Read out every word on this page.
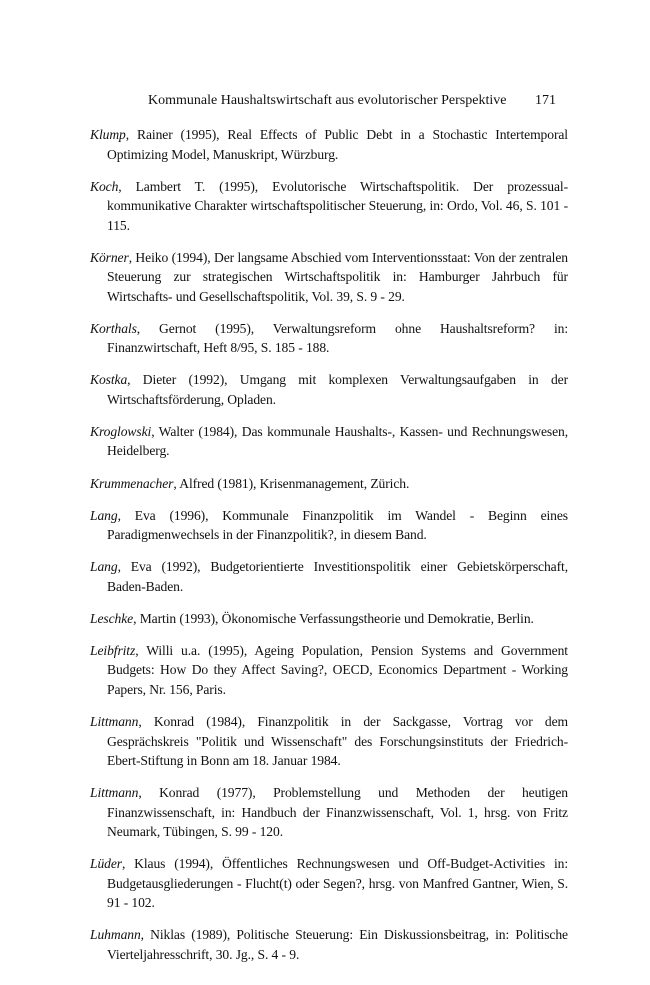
Kommunale Haushaltswirtschaft aus evolutorischer Perspektive 171

Klump, Rainer (1995), Real Effects of Public Debt in a Stochastic Intertemporal Optimizing Model, Manuskript, Würzburg.

Koch, Lambert T. (1995), Evolutorische Wirtschaftspolitik. Der prozessual-kommunikative Charakter wirtschaftspolitischer Steuerung, in: Ordo, Vol. 46, S. 101 - 115.

Körner, Heiko (1994), Der langsame Abschied vom Interventionsstaat: Von der zentralen Steuerung zur strategischen Wirtschaftspolitik in: Hamburger Jahrbuch für Wirtschafts- und Gesellschaftspolitik, Vol. 39, S. 9 - 29.

Korthals, Gernot (1995), Verwaltungsreform ohne Haushaltsreform? in: Finanzwirtschaft, Heft 8/95, S. 185 - 188.

Kostka, Dieter (1992), Umgang mit komplexen Verwaltungsaufgaben in der Wirtschaftsförderung, Opladen.

Kroglowski, Walter (1984), Das kommunale Haushalts-, Kassen- und Rechnungswesen, Heidelberg.

Krummenacher, Alfred (1981), Krisenmanagement, Zürich.

Lang, Eva (1996), Kommunale Finanzpolitik im Wandel - Beginn eines Paradigmenwechsels in der Finanzpolitik?, in diesem Band.

Lang, Eva (1992), Budgetorientierte Investitionspolitik einer Gebietskörperschaft, Baden-Baden.

Leschke, Martin (1993), Ökonomische Verfassungstheorie und Demokratie, Berlin.

Leibfritz, Willi u.a. (1995), Ageing Population, Pension Systems and Government Budgets: How Do they Affect Saving?, OECD, Economics Department - Working Papers, Nr. 156, Paris.

Littmann, Konrad (1984), Finanzpolitik in der Sackgasse, Vortrag vor dem Gesprächskreis "Politik und Wissenschaft" des Forschungsinstituts der Friedrich-Ebert-Stiftung in Bonn am 18. Januar 1984.

Littmann, Konrad (1977), Problemstellung und Methoden der heutigen Finanzwissenschaft, in: Handbuch der Finanzwissenschaft, Vol. 1, hrsg. von Fritz Neumark, Tübingen, S. 99 - 120.

Lüder, Klaus (1994), Öffentliches Rechnungswesen und Off-Budget-Activities in: Budgetausgliederungen - Flucht(t) oder Segen?, hrsg. von Manfred Gantner, Wien, S. 91 - 102.

Luhmann, Niklas (1989), Politische Steuerung: Ein Diskussionsbeitrag, in: Politische Vierteljahresschrift, 30. Jg., S. 4 - 9.
